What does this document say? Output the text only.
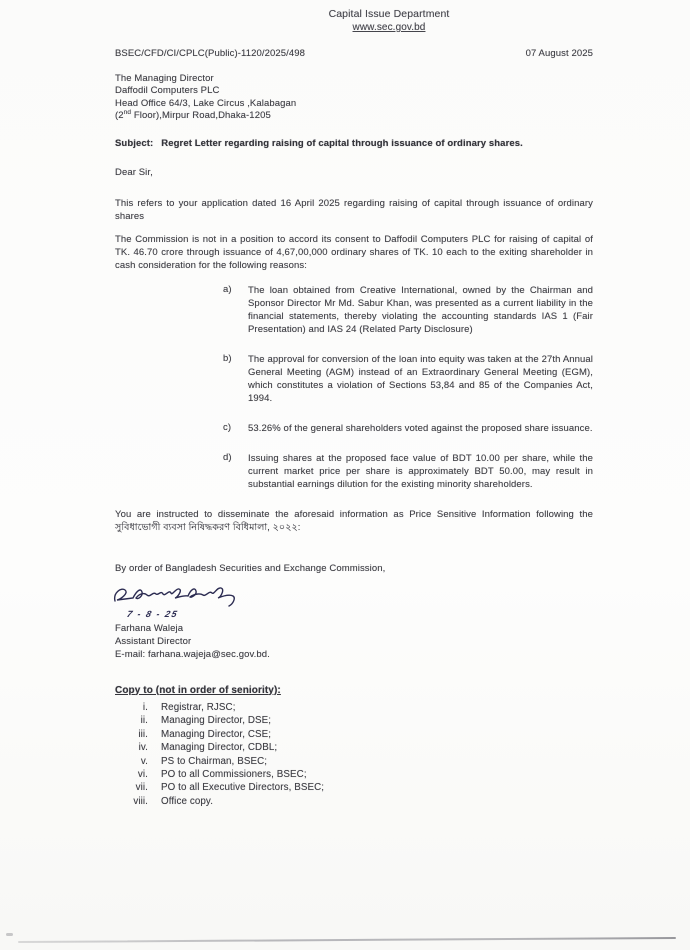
Capital Issue Department
www.sec.gov.bd
BSEC/CFD/CI/CPLC(Public)-1120/2025/498	07 August 2025
The Managing Director
Daffodil Computers PLC
Head Office 64/3, Lake Circus ,Kalabagan
(2nd Floor),Mirpur Road,Dhaka-1205
Subject: Regret Letter regarding raising of capital through issuance of ordinary shares.
Dear Sir,
This refers to your application dated 16 April 2025 regarding raising of capital through issuance of ordinary shares
The Commission is not in a position to accord its consent to Daffodil Computers PLC for raising of capital of TK. 46.70 crore through issuance of 4,67,00,000 ordinary shares of TK. 10 each to the exiting shareholder in cash consideration for the following reasons:
a)	The loan obtained from Creative International, owned by the Chairman and Sponsor Director Mr Md. Sabur Khan, was presented as a current liability in the financial statements, thereby violating the accounting standards IAS 1 (Fair Presentation) and IAS 24 (Related Party Disclosure)
b)	The approval for conversion of the loan into equity was taken at the 27th Annual General Meeting (AGM) instead of an Extraordinary General Meeting (EGM), which constitutes a violation of Sections 53,84 and 85 of the Companies Act, 1994.
c)	53.26% of the general shareholders voted against the proposed share issuance.
d)	Issuing shares at the proposed face value of BDT 10.00 per share, while the current market price per share is approximately BDT 50.00, may result in substantial earnings dilution for the existing minority shareholders.
You are instructed to disseminate the aforesaid information as Price Sensitive Information following the সুবিধাভোগী ব্যবসা নিষিদ্ধকরণ বিধিমালা, ২০২২:
By order of Bangladesh Securities and Exchange Commission,
7 - 8 - 25
Farhana Waleja
Assistant Director
E-mail: farhana.wajeja@sec.gov.bd.
Copy to (not in order of seniority):
i.	Registrar, RJSC;
ii.	Managing Director, DSE;
iii.	Managing Director, CSE;
iv.	Managing Director, CDBL;
v.	PS to Chairman, BSEC;
vi.	PO to all Commissioners, BSEC;
vii.	PO to all Executive Directors, BSEC;
viii.	Office copy.
